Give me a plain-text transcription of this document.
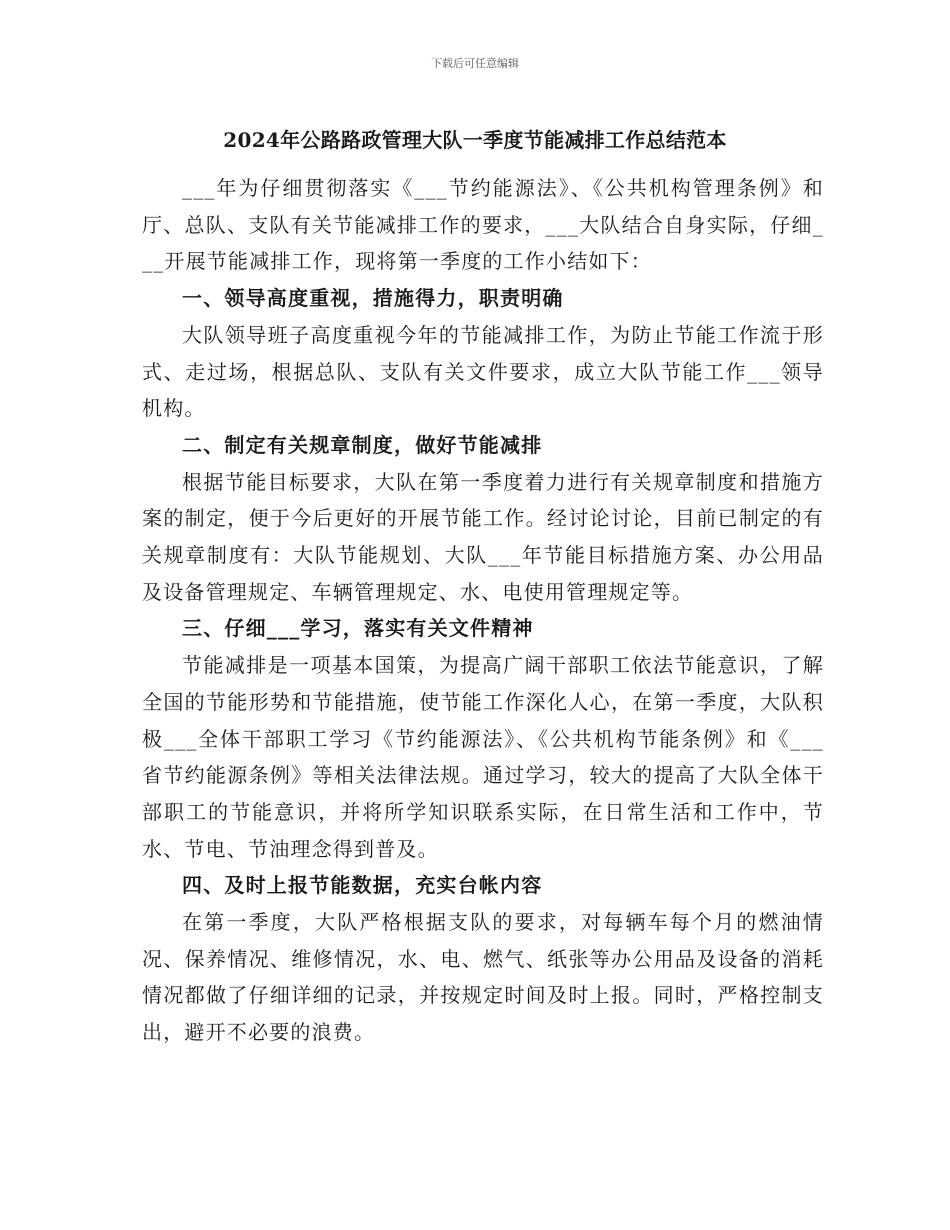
下载后可任意编辑
2024年公路路政管理大队一季度节能减排工作总结范本

___年为仔细贯彻落实《___节约能源法》、《公共机构管理条例》和厅、总队、支队有关节能减排工作的要求，___大队结合自身实际，仔细___开展节能减排工作，现将第一季度的工作小结如下：

一、领导高度重视，措施得力，职责明确

大队领导班子高度重视今年的节能减排工作，为防止节能工作流于形式、走过场，根据总队、支队有关文件要求，成立大队节能工作___领导机构。

二、制定有关规章制度，做好节能减排

根据节能目标要求，大队在第一季度着力进行有关规章制度和措施方案的制定，便于今后更好的开展节能工作。经讨论讨论，目前已制定的有关规章制度有：大队节能规划、大队___年节能目标措施方案、办公用品及设备管理规定、车辆管理规定、水、电使用管理规定等。

三、仔细___学习，落实有关文件精神

节能减排是一项基本国策，为提高广阔干部职工依法节能意识，了解全国的节能形势和节能措施，使节能工作深化人心，在第一季度，大队积极___全体干部职工学习《节约能源法》、《公共机构节能条例》和《___省节约能源条例》等相关法律法规。通过学习，较大的提高了大队全体干部职工的节能意识，并将所学知识联系实际，在日常生活和工作中，节水、节电、节油理念得到普及。

四、及时上报节能数据，充实台帐内容

在第一季度，大队严格根据支队的要求，对每辆车每个月的燃油情况、保养情况、维修情况，水、电、燃气、纸张等办公用品及设备的消耗情况都做了仔细详细的记录，并按规定时间及时上报。同时，严格控制支出，避开不必要的浪费。
